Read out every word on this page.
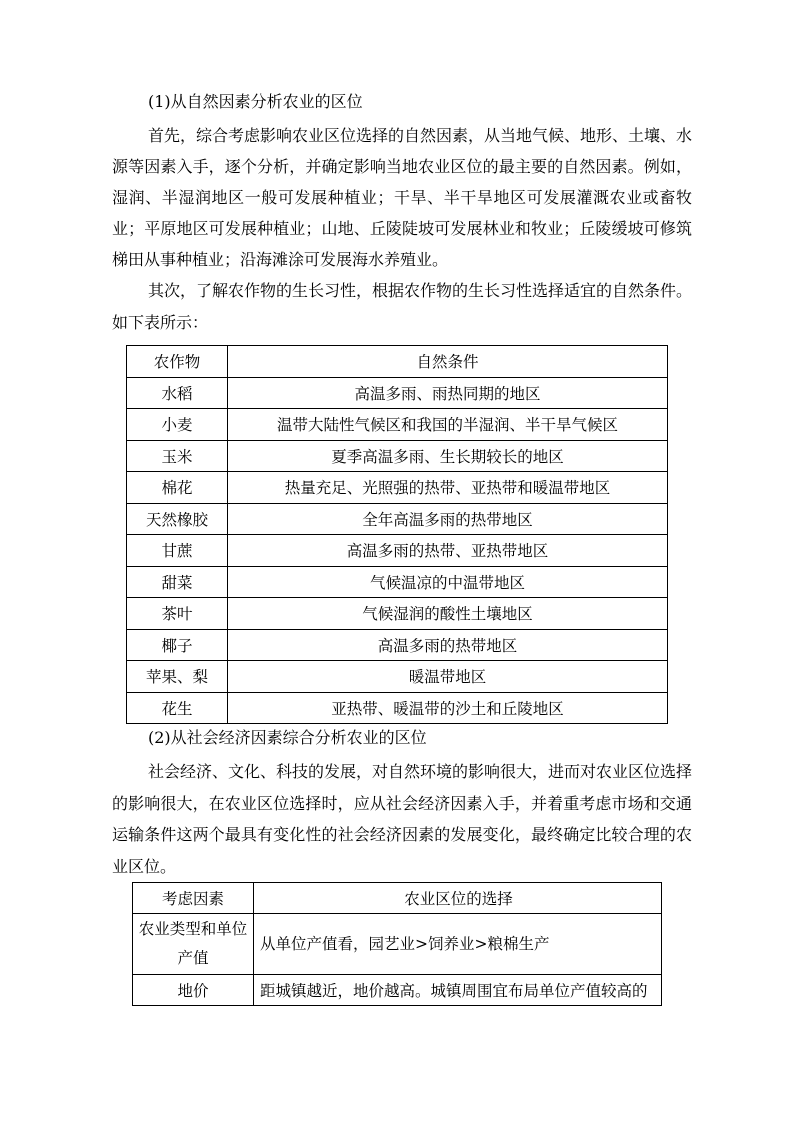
(1)从自然因素分析农业的区位

首先，综合考虑影响农业区位选择的自然因素，从当地气候、地形、土壤、水源等因素入手，逐个分析，并确定影响当地农业区位的最主要的自然因素。例如，湿润、半湿润地区一般可发展种植业；干旱、半干旱地区可发展灌溉农业或畜牧业；平原地区可发展种植业；山地、丘陵陡坡可发展林业和牧业；丘陵缓坡可修筑梯田从事种植业；沿海滩涂可发展海水养殖业。

其次，了解农作物的生长习性，根据农作物的生长习性选择适宜的自然条件。如下表所示：

农作物	自然条件
水稻	高温多雨、雨热同期的地区
小麦	温带大陆性气候区和我国的半湿润、半干旱气候区
玉米	夏季高温多雨、生长期较长的地区
棉花	热量充足、光照强的热带、亚热带和暖温带地区
天然橡胶	全年高温多雨的热带地区
甘蔗	高温多雨的热带、亚热带地区
甜菜	气候温凉的中温带地区
茶叶	气候湿润的酸性土壤地区
椰子	高温多雨的热带地区
苹果、梨	暖温带地区
花生	亚热带、暖温带的沙土和丘陵地区
(2)从社会经济因素综合分析农业的区位

社会经济、文化、科技的发展，对自然环境的影响很大，进而对农业区位选择的影响很大，在农业区位选择时，应从社会经济因素入手，并着重考虑市场和交通运输条件这两个最具有变化性的社会经济因素的发展变化，最终确定比较合理的农业区位。

考虑因素	农业区位的选择
农业类型和单位产值	从单位产值看，园艺业>饲养业>粮棉生产
地价	距城镇越近，地价越高。城镇周围宜布局单位产值较高的
